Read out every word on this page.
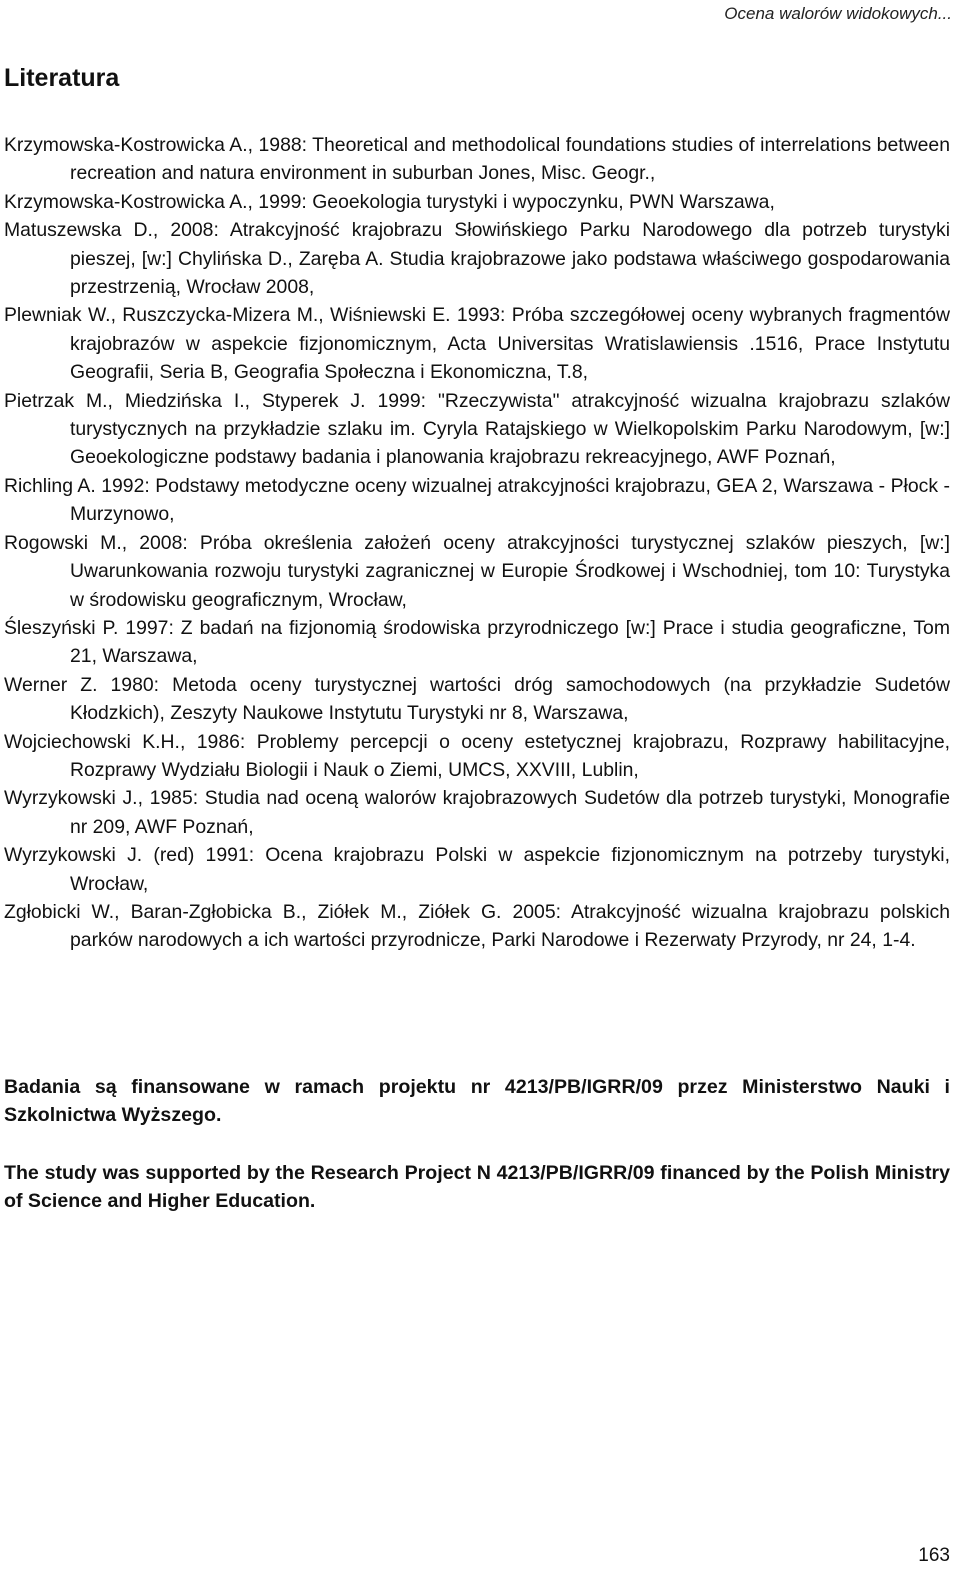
Ocena walorów widokowych...
Literatura
Krzymowska-Kostrowicka A., 1988: Theoretical and methodolical foundations studies of interrelations between recreation and natura environment in suburban Jones, Misc. Geogr.,
Krzymowska-Kostrowicka A., 1999: Geoekologia turystyki i wypoczynku, PWN Warszawa,
Matuszewska D., 2008: Atrakcyjność krajobrazu Słowińskiego Parku Narodowego dla potrzeb turystyki pieszej, [w:] Chylińska D., Zaręba A. Studia krajobrazowe jako podstawa właściwego gospodarowania przestrzenią, Wrocław 2008,
Plewniak W., Ruszczycka-Mizera M., Wiśniewski E. 1993: Próba szczegółowej oceny wybranych fragmentów krajobrazów w aspekcie fizjonomicznym, Acta Universitas Wratislawiensis .1516, Prace Instytutu Geografii, Seria B, Geografia Społeczna i Ekonomiczna, T.8,
Pietrzak M., Miedzińska I., Styperek J. 1999: "Rzeczywista" atrakcyjność wizualna krajobrazu szlaków turystycznych na przykładzie szlaku im. Cyryla Ratajskiego w Wielkopolskim Parku Narodowym, [w:] Geoekologiczne podstawy badania i planowania krajobrazu rekreacyjnego, AWF Poznań,
Richling A. 1992: Podstawy metodyczne oceny wizualnej atrakcyjności krajobrazu, GEA 2, Warszawa - Płock - Murzynowo,
Rogowski M., 2008: Próba określenia założeń oceny atrakcyjności turystycznej szlaków pieszych, [w:] Uwarunkowania rozwoju turystyki zagranicznej w Europie Środkowej i Wschodniej, tom 10: Turystyka w środowisku geograficznym, Wrocław,
Śleszyński P. 1997: Z badań na fizjonomią środowiska przyrodniczego [w:] Prace i studia geograficzne, Tom 21, Warszawa,
Werner Z. 1980: Metoda oceny turystycznej wartości dróg samochodowych (na przykładzie Sudetów Kłodzkich), Zeszyty Naukowe Instytutu Turystyki nr 8, Warszawa,
Wojciechowski K.H., 1986: Problemy percepcji o oceny estetycznej krajobrazu, Rozprawy habilitacyjne, Rozprawy Wydziału Biologii i Nauk o Ziemi, UMCS, XXVIII, Lublin,
Wyrzykowski J., 1985: Studia nad oceną walorów krajobrazowych Sudetów dla potrzeb turystyki, Monografie nr 209, AWF Poznań,
Wyrzykowski J. (red) 1991: Ocena krajobrazu Polski w aspekcie fizjonomicznym na potrzeby turystyki, Wrocław,
Zgłobicki W., Baran-Zgłobicka B., Ziółek M., Ziółek G. 2005: Atrakcyjność wizualna krajobrazu polskich parków narodowych a ich wartości przyrodnicze, Parki Narodowe i Rezerwaty Przyrody, nr 24, 1-4.

Badania są finansowane w ramach projektu nr 4213/PB/IGRR/09 przez Ministerstwo Nauki i Szkolnictwa Wyższego.

The study was supported by the Research Project N 4213/PB/IGRR/09 financed by the Polish Ministry of Science and Higher Education.

163
